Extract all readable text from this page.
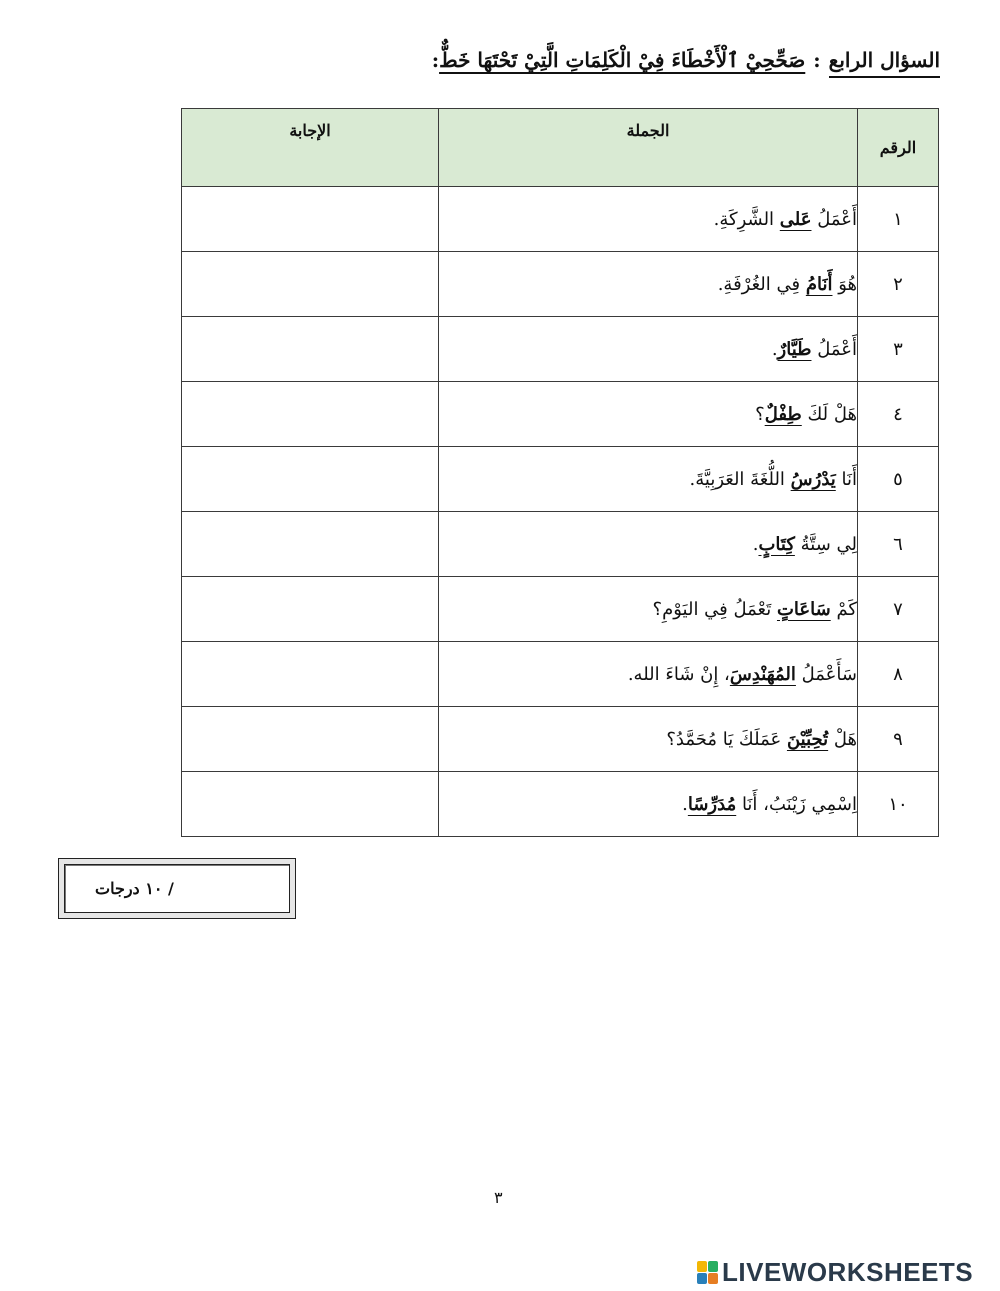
السؤال الرابع:صَحِّحِيْ ٱلْأَخْطَاءَ فِيْ الْكَلِمَاتِ الَّتِيْ تَحْتَهَا خَطٌّ:
الرقم	الجملة	الإجابة
١	أَعْمَلُ عَلى الشَّرِكَةِ.	
٢	هُوَ أَنَامُ فِي الغُرْفَةِ.	
٣	أَعْمَلُ طَيَّارٌ.	
٤	هَلْ لَكَ طِفْلٌ؟	
٥	أَنَا يَدْرُسُ اللُّغَةَ العَرَبِيَّةَ.	
٦	لِي سِتَّةُ كِتَابٍ.	
٧	كَمْ سَاعَاتٍ تَعْمَلُ فِي اليَوْمِ؟	
٨	سَأَعْمَلُ المُهَنْدِسَ، إِنْ شَاءَ الله.	
٩	هَلْ تُحِبِّيْنَ عَمَلَكَ يَا مُحَمَّدُ؟	
١٠	اِسْمِي زَيْنَبُ، أَنَا مُدَرِّسًا.	
/ ١٠ درجات
٣
LIVEWORKSHEETS
